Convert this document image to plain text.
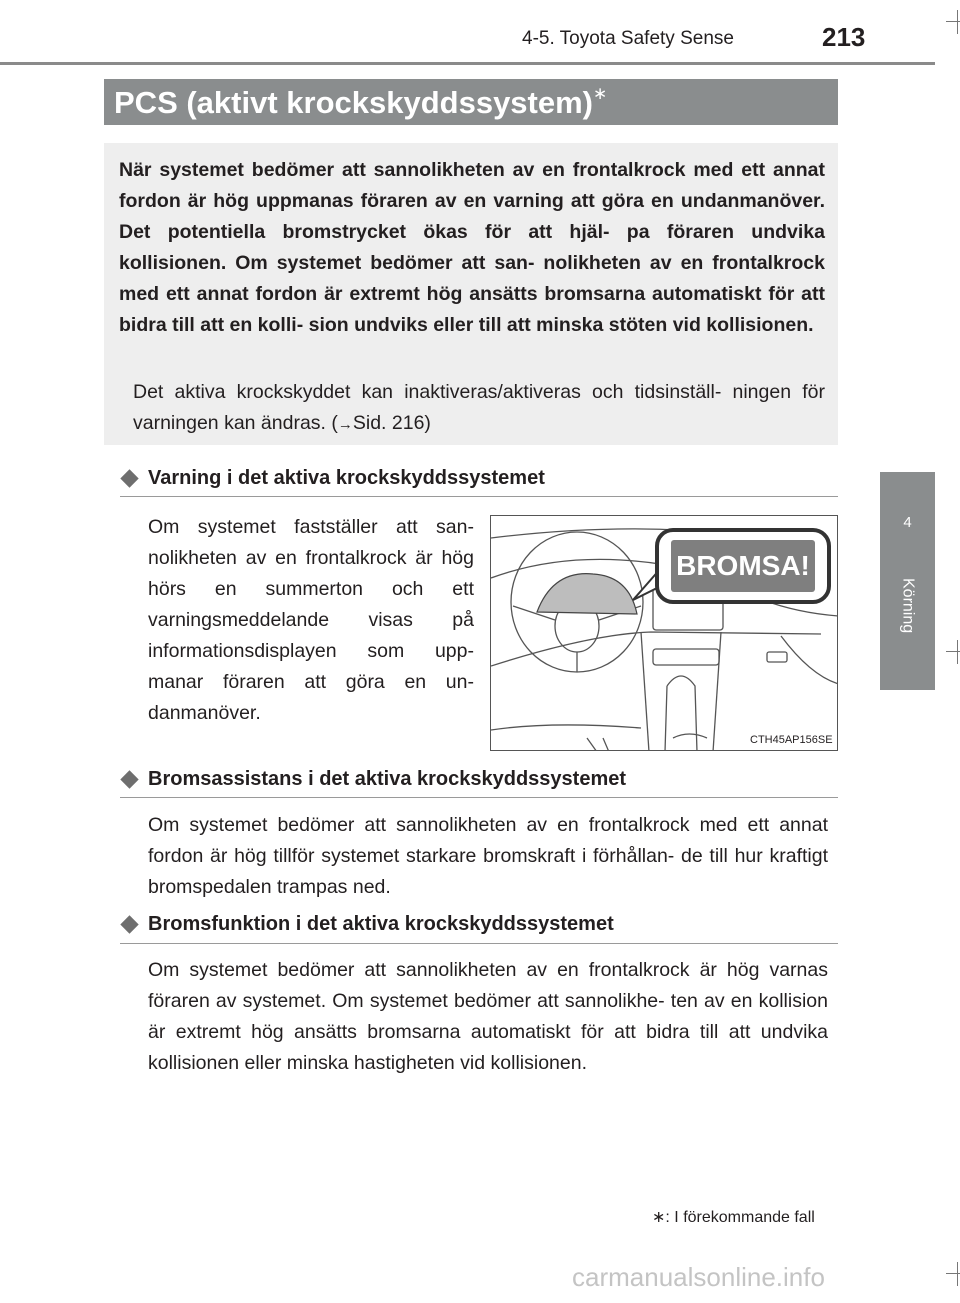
4-5. Toyota Safety Sense	213
4
Körning
PCS (aktivt krockskyddssystem)∗
När systemet bedömer att sannolikheten av en frontalkrock med ett annat fordon är hög uppmanas föraren av en varning att göra en undanmanöver. Det potentiella bromstrycket ökas för att hjäl- pa föraren undvika kollisionen. Om systemet bedömer att san- nolikheten av en frontalkrock med ett annat fordon är extremt hög ansätts bromsarna automatiskt för att bidra till att en kolli- sion undviks eller till att minska stöten vid kollisionen.
Det aktiva krockskyddet kan inaktiveras/aktiveras och tidsinställ- ningen för varningen kan ändras. (→Sid. 216)
Varning i det aktiva krockskyddssystemet
Om systemet fastställer att san- nolikheten av en frontalkrock är hög hörs en summerton och ett varningsmeddelande visas på informationsdisplayen som upp- manar föraren att göra en un- danmanöver.
BROMSA!
CTH45AP156SE
Bromsassistans i det aktiva krockskyddssystemet
Om systemet bedömer att sannolikheten av en frontalkrock med ett annat fordon är hög tillför systemet starkare bromskraft i förhållan- de till hur kraftigt bromspedalen trampas ned.
Bromsfunktion i det aktiva krockskyddssystemet
Om systemet bedömer att sannolikheten av en frontalkrock är hög varnas föraren av systemet. Om systemet bedömer att sannolikhe- ten av en kollision är extremt hög ansätts bromsarna automatiskt för att bidra till att undvika kollisionen eller minska hastigheten vid kollisionen.
∗: I förekommande fall
carmanualsonline.info
